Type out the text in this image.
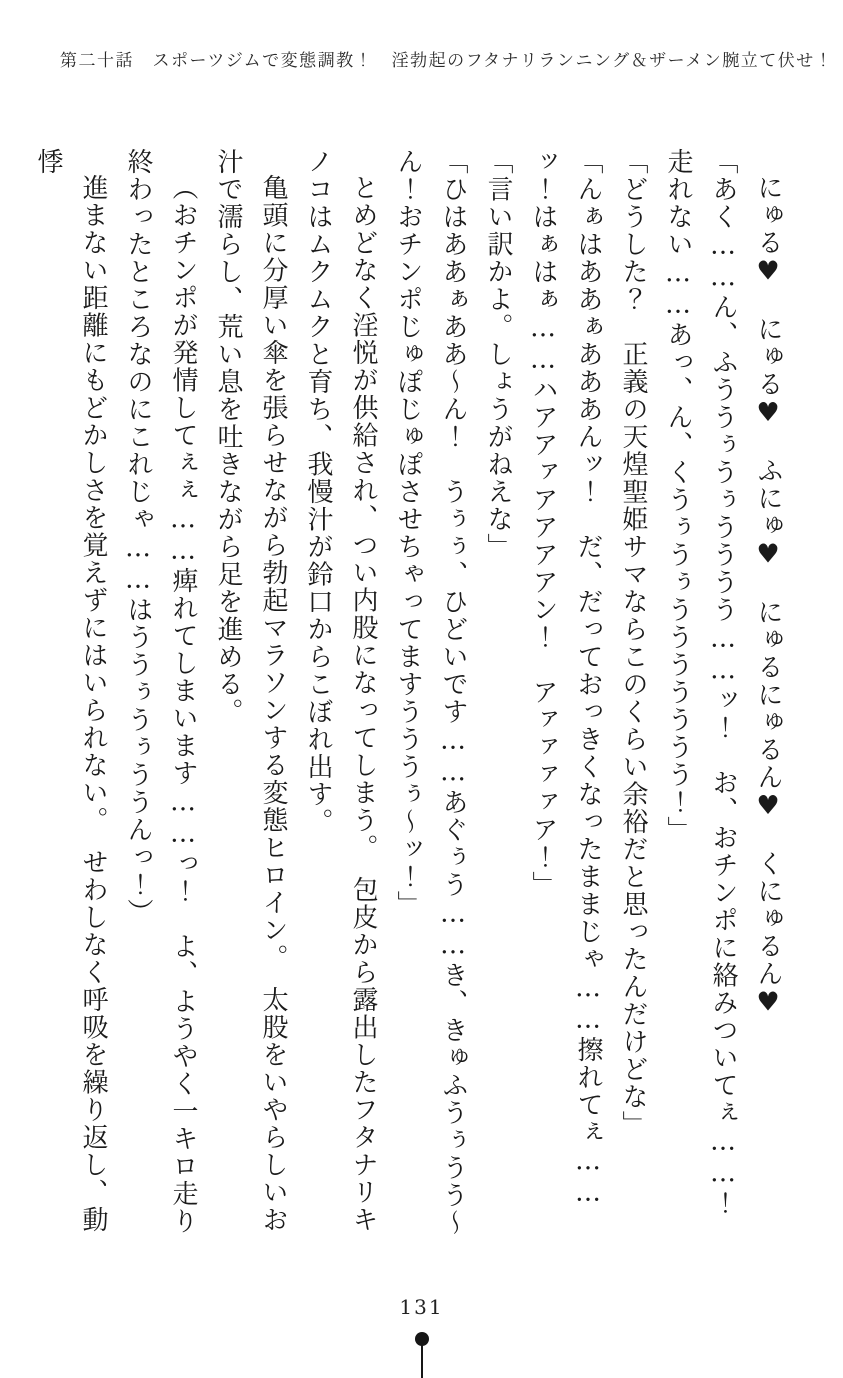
第二十話　スポーツジムで変態調教！　淫勃起のフタナリランニング＆ザーメン腕立て伏せ！

にゅる♥　にゅる♥　ふにゅ♥　にゅるにゅるん♥　くにゅるん♥

「あく……ん、ふううぅうぅうううう……ッ！　お、おチンポに絡みついてぇ……！　走れない……あっ、ん、くうぅうぅううううううう！」

「どうした？　正義の天煌聖姫サマならこのくらい余裕だと思ったんだけどな」

「んぁはああぁあああんッ！　だ、だっておっきくなったままじゃ……擦れてぇ……ッ！はぁはぁ……ハアアァアアアアン！　アァァァァア！」

「言い訳かよ。しょうがねえな」

「ひはああぁああ～ん！　うぅぅ、ひどいです……あぐぅう……き、きゅふうぅうう～ん！おチンポじゅぽじゅぽさせちゃってますうううぅ～ッ！」

とめどなく淫悦が供給され、つい内股になってしまう。　包皮から露出したフタナリキノコはムクムクと育ち、我慢汁が鈴口からこぼれ出す。

亀頭に分厚い傘を張らせながら勃起マラソンする変態ヒロイン。　太股をいやらしいお汁で濡らし、荒い息を吐きながら足を進める。

（おチンポが発情してぇぇ……痺れてしまいます……っ！　よ、ようやく一キロ走り終わったところなのにこれじゃ……はううぅうぅううんっ！）

進まない距離にもどかしさを覚えずにはいられない。　せわしなく呼吸を繰り返し、動悸

131
